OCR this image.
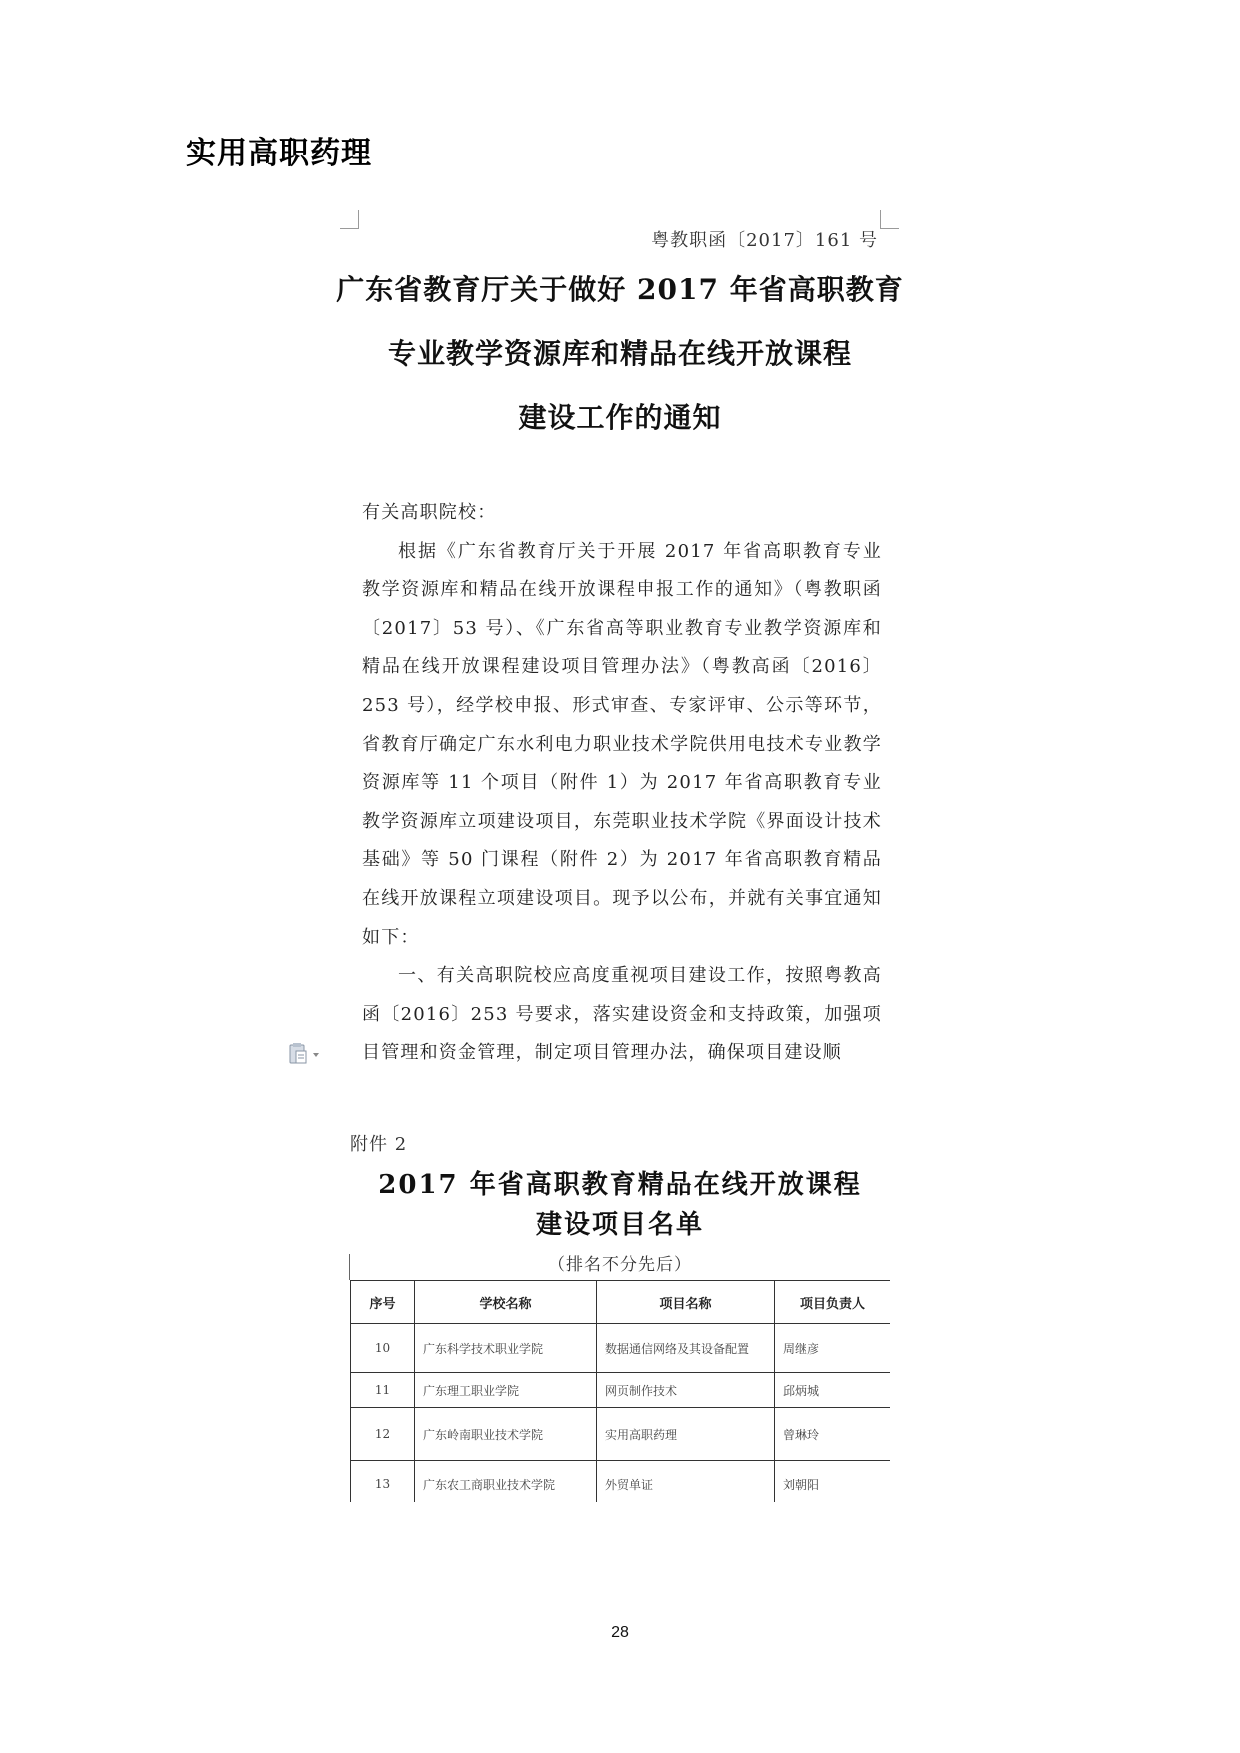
实用高职药理
粤教职函〔2017〕161 号
广东省教育厅关于做好 2017 年省高职教育
专业教学资源库和精品在线开放课程
建设工作的通知

有关高职院校：

根据《广东省教育厅关于开展 2017 年省高职教育专业教学资源库和精品在线开放课程申报工作的通知》（粤教职函〔2017〕53 号）、《广东省高等职业教育专业教学资源库和精品在线开放课程建设项目管理办法》（粤教高函〔2016〕253 号），经学校申报、形式审查、专家评审、公示等环节，省教育厅确定广东水利电力职业技术学院供用电技术专业教学资源库等 11 个项目（附件 1）为 2017 年省高职教育专业教学资源库立项建设项目，东莞职业技术学院《界面设计技术基础》等 50 门课程（附件 2）为 2017 年省高职教育精品在线开放课程立项建设项目。现予以公布，并就有关事宜通知如下：

一、有关高职院校应高度重视项目建设工作，按照粤教高函〔2016〕253 号要求，落实建设资金和支持政策，加强项目管理和资金管理，制定项目管理办法，确保项目建设顺

附件 2
2017 年省高职教育精品在线开放课程
建设项目名单
（排名不分先后）
序号	学校名称	项目名称	项目负责人
10	广东科学技术职业学院	数据通信网络及其设备配置	周继彦
11	广东理工职业学院	网页制作技术	邱炳城
12	广东岭南职业技术学院	实用高职药理	曾琳玲
13	广东农工商职业技术学院	外贸单证	刘朝阳
28
